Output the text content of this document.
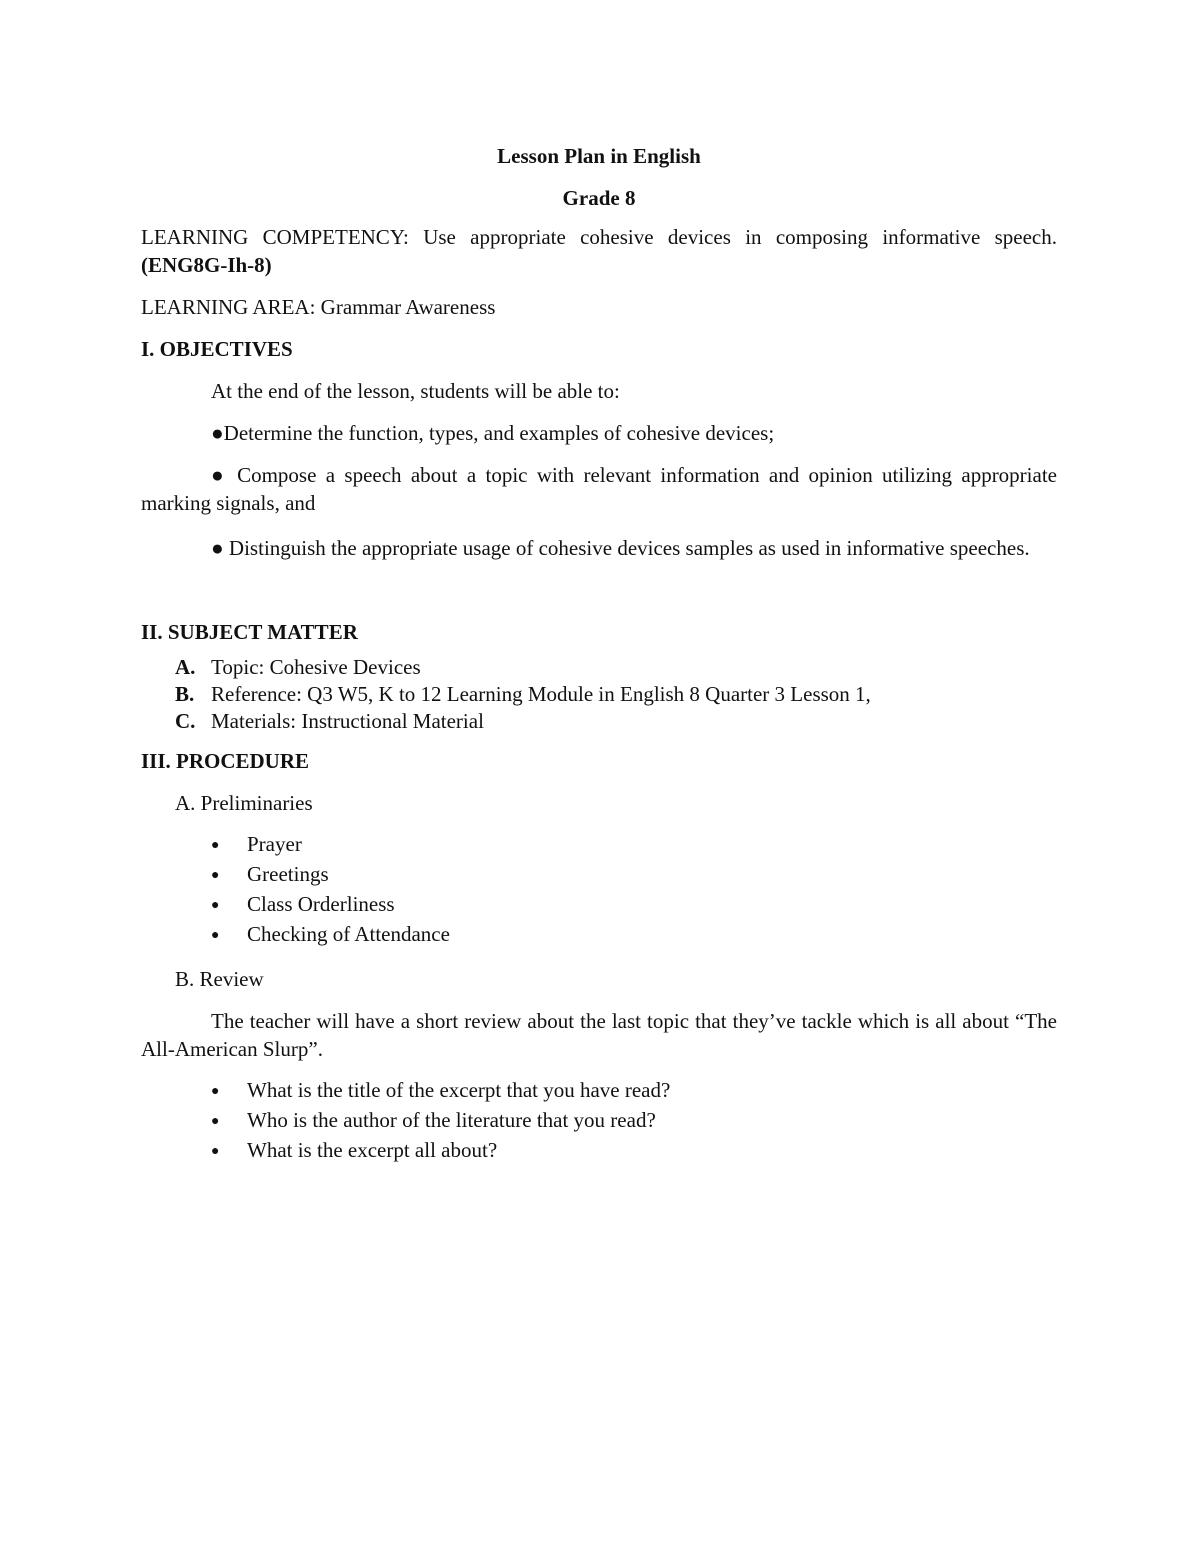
Lesson Plan in English

Grade 8

LEARNING COMPETENCY: Use appropriate cohesive devices in composing informative speech. (ENG8G-Ih-8)

LEARNING AREA: Grammar Awareness

I. OBJECTIVES

At the end of the lesson, students will be able to:

●Determine the function, types, and examples of cohesive devices;

● Compose a speech about a topic with relevant information and opinion utilizing appropriate marking signals, and

● Distinguish the appropriate usage of cohesive devices samples as used in informative speeches.

II. SUBJECT MATTER

A. Topic: Cohesive Devices
B. Reference: Q3 W5, K to 12 Learning Module in English 8 Quarter 3 Lesson 1,
C. Materials: Instructional Material

III. PROCEDURE

A. Preliminaries

●	Prayer
●	Greetings
●	Class Orderliness
●	Checking of Attendance

B. Review

The teacher will have a short review about the last topic that they’ve tackle which is all about “The All-American Slurp”.

●	What is the title of the excerpt that you have read?
●	Who is the author of the literature that you read?
●	What is the excerpt all about?
